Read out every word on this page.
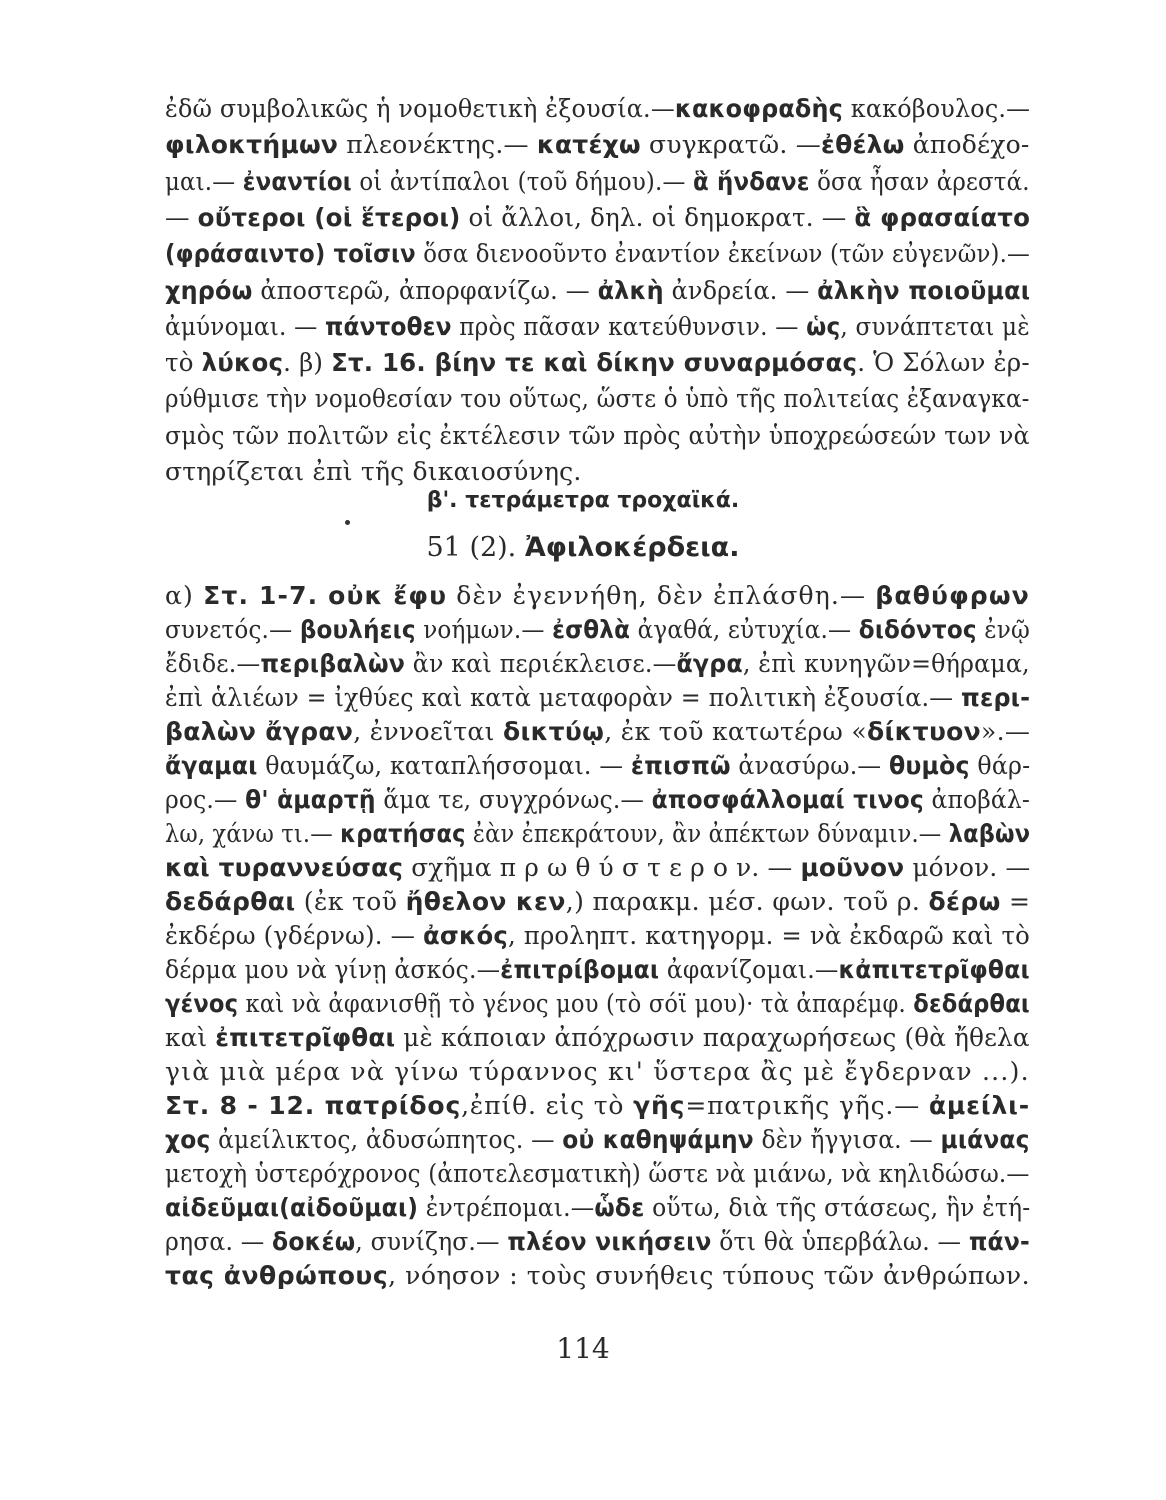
ἐδῶ συμβολικῶς ἡ νομοθετικὴ ἐξουσία.—κακοφραδὴς κακόβουλος.—
φιλοκτήμων πλεονέκτης.— κατέχω συγκρατῶ. —ἐθέλω ἀποδέχο-
μαι.— ἐναντίοι οἱ ἀντίπαλοι (τοῦ δήμου).— ἃ ἥνδανε ὅσα ἦσαν ἀρεστά.
— οὔτεροι (οἱ ἕτεροι) οἱ ἄλλοι, δηλ. οἱ δημοκρατ. — ἃ φρασαίατο
(φράσαιντο) τοῖσιν ὅσα διενοοῦντο ἐναντίον ἐκείνων (τῶν εὐγενῶν).—
χηρόω ἀποστερῶ, ἀπορφανίζω. — ἀλκὴ ἀνδρεία. — ἀλκὴν ποιοῦμαι
ἀμύνομαι. — πάντοθεν πρὸς πᾶσαν κατεύθυνσιν. — ὡς, συνάπτεται μὲ
τὸ λύκος. β) Στ. 16. βίην τε καὶ δίκην συναρμόσας. Ὁ Σόλων ἐρ-
ρύθμισε τὴν νομοθεσίαν του οὕτως, ὥστε ὁ ὑπὸ τῆς πολιτείας ἐξαναγκα-
σμὸς τῶν πολιτῶν εἰς ἐκτέλεσιν τῶν πρὸς αὐτὴν ὑποχρεώσεών των νὰ
στηρίζεται ἐπὶ τῆς δικαιοσύνης.
β'. τετράμετρα τροχαϊκά.
51 (2). Ἀφιλοκέρδεια.
α) Στ. 1-7. οὐκ ἔφυ δὲν ἐγεννήθη, δὲν ἐπλάσθη.— βαθύφρων
συνετός.— βουλήεις νοήμων.— ἐσθλὰ ἀγαθά, εὐτυχία.— διδόντος ἐνῷ
ἔδιδε.—περιβαλὼν ἂν καὶ περιέκλεισε.—ἄγρα, ἐπὶ κυνηγῶν=θήραμα,
ἐπὶ ἁλιέων = ἰχθύες καὶ κατὰ μεταφορὰν = πολιτικὴ ἐξουσία.— περι-
βαλὼν ἄγραν, ἐννοεῖται δικτύῳ, ἐκ τοῦ κατωτέρω «δίκτυον».—
ἄγαμαι θαυμάζω, καταπλήσσομαι. — ἐπισπῶ ἀνασύρω.— θυμὸς θάρ-
ρος.— θ' ἁμαρτῇ ἅμα τε, συγχρόνως.— ἀποσφάλλομαί τινος ἀποβάλ-
λω, χάνω τι.— κρατήσας ἐὰν ἐπεκράτουν, ἂν ἀπέκτων δύναμιν.— λαβὼν
καὶ τυραννεύσας σχῆμα π ρ ω θ ύ σ τ ε ρ ο ν. — μοῦνον μόνον. —
δεδάρθαι (ἐκ τοῦ ἤθελον κεν,) παρακμ. μέσ. φων. τοῦ ρ. δέρω =
ἐκδέρω (γδέρνω). — ἀσκός, προληπτ. κατηγορμ. = νὰ ἐκδαρῶ καὶ τὸ
δέρμα μου νὰ γίνῃ ἀσκός.—ἐπιτρίβομαι ἀφανίζομαι.—κἀπιτετρῖφθαι
γένος καὶ νὰ ἀφανισθῇ τὸ γένος μου (τὸ σόϊ μου)· τὰ ἀπαρέμφ. δεδάρθαι
καὶ ἐπιτετρῖφθαι μὲ κάποιαν ἀπόχρωσιν παραχωρήσεως (θὰ ἤθελα
γιὰ μιὰ μέρα νὰ γίνω τύραννος κι' ὕστερα ἂς μὲ ἔγδερναν ...).
Στ. 8 - 12. πατρίδος,ἐπίθ. εἰς τὸ γῆς=πατρικῆς γῆς.— ἀμείλι-
χος ἀμείλικτος, ἀδυσώπητος. — οὐ καθηψάμην δὲν ἤγγισα. — μιάνας
μετοχὴ ὑστερόχρονος (ἀποτελεσματικὴ) ὥστε νὰ μιάνω, νὰ κηλιδώσω.—
αἰδεῦμαι(αἰδοῦμαι) ἐντρέπομαι.—ὧδε οὕτω, διὰ τῆς στάσεως, ἣν ἐτή-
ρησα. — δοκέω, συνίζησ.— πλέον νικήσειν ὅτι θὰ ὑπερβάλω. — πάν-
τας ἀνθρώπους, νόησον : τοὺς συνήθεις τύπους τῶν ἀνθρώπων.
114
